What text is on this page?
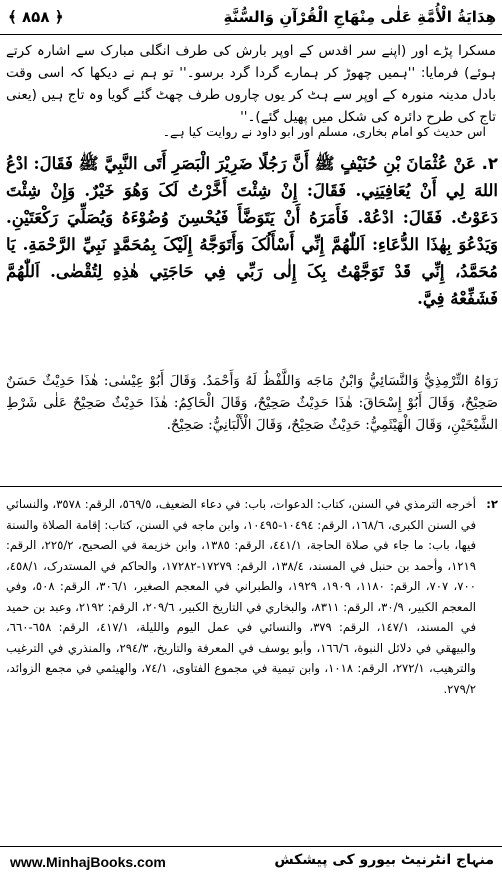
هِدَايَةُ الْأُمَّةِ عَلٰى مِنْهَاجِ الْقُرْآنِ وَالسُّنَّةِ
﴿ ۸۵۸ ﴾
مسکرا پڑے اور (اپنے سر اقدس کے اوپر بارش کی طرف انگلی مبارک سے اشارہ کرتے ہوئے) فرمایا: ''ہمیں چھوڑ کر ہمارے گردا گرد برسو۔'' تو ہم نے دیکھا کہ اسی وقت بادل مدینہ منورہ کے اوپر سے ہٹ کر یوں چاروں طرف چھٹ گئے گویا وہ تاج ہیں (یعنی تاج کی طرح دائرہ کی شکل میں پھیل گئے)۔''
اس حدیث کو امام بخاری، مسلم اور ابو داود نے روایت کیا ہے۔
٢. عَنْ عُثْمَانَ بْنِ حُنَيْفٍ ﷺ أَنَّ رَجُلًا ضَرِيْرَ الْبَصَرِ أَتَى النَّبِيَّ ﷺ فَقَالَ: ادْعُ اللهَ لِي أَنْ يُعَافِيَنِي. فَقَالَ: إِنْ شِئْتَ أَخَّرْتُ لَکَ وَهُوَ خَيْرٌ. وَإِنْ شِئْتَ دَعَوْتُ. فَقَالَ: ادْعُهْ. فَأَمَرَهُ أَنْ يَتَوَضَّأَ فَيُحْسِنَ وُضُوْءَهُ وَيُصَلِّيَ رَكْعَتَيْنِ. وَيَدْعُوَ بِهٰذَا الدُّعَاءِ: اَللّٰهُمَّ إِنِّي أَسْأَلُکَ وَأَتَوَجَّهُ إِلَيْکَ بِمُحَمَّدٍ نَبِيِّ الرَّحْمَةِ. يَا مُحَمَّدُ، إِنِّي قَدْ تَوَجَّهْتُ بِکَ إِلٰى رَبِّي فِي حَاجَتِي هٰذِهِ لِتُقْضٰى. اَللّٰهُمَّ فَشَفِّعْهُ فِيَّ.
رَوَاهُ التِّرْمِذِيُّ وَالنَّسَائِيُّ وَابْنُ مَاجَه وَاللَّفْظُ لَهُ وَأَحْمَدُ. وَقَالَ أَبُوْ عِيْسٰى: هٰذَا حَدِيْثٌ حَسَنٌ صَحِيْحٌ، وَقَالَ أَبُوْ إِسْحَاقَ: هٰذَا حَدِيْثٌ صَحِيْحٌ، وَقَالَ الْحَاکِمُ: هٰذَا حَدِيْثٌ صَحِيْحٌ عَلٰى شَرْطِ الشَّيْخَيْنِ، وَقَالَ الْهَيْثَمِيُّ: حَدِيْثٌ صَحِيْحٌ، وَقَالَ الْأَلْبَانِيُّ: صَحِيْحٌ.
٢:
أخرجه الترمذي في السنن، کتاب: الدعوات، باب: في دعاء الضعيف، ٥٦٩/٥، الرقم: ٣٥٧٨، والنسائي في السنن الکبرى، ١٦٨/٦، الرقم: ١٠٤٩٤-١٠٤٩٥، وابن ماجه في السنن، کتاب: إقامة الصلاة والسنة فيها، باب: ما جاء في صلاة الحاجة، ٤٤١/١، الرقم: ١٣٨٥، وابن خزيمة في الصحيح، ٢٢٥/٢، الرقم: ١٢١٩، وأحمد بن حنبل في المسند، ١٣٨/٤، الرقم: ١٧٢٧٩-١٧٢٨٢، والحاکم في المستدرک، ٤٥٨/١، ٧٠٠، ٧٠٧، الرقم: ١١٨٠، ١٩٠٩، ١٩٢٩، والطبراني في المعجم الصغير، ٣٠٦/١، الرقم: ٥٠٨، وفي المعجم الکبير، ٣٠/٩، الرقم: ٨٣١١، والبخاري في التاريخ الکبير، ٢٠٩/٦، الرقم: ٢١٩٢، وعبد بن حميد في المسند، ١٤٧/١، الرقم: ٣٧٩، والنسائي في عمل اليوم والليلة، ٤١٧/١، الرقم: ٦٥٨-٦٦٠، والبيهقي في دلائل النبوة، ١٦٦/٦، وأبو يوسف في المعرفة والتاريخ، ٢٩٤/٣، والمنذري في الترغيب والترهيب، ٢٧٢/١، الرقم: ١٠١٨، وابن تيمية في مجموع الفتاوى، ٧٤/١، والهيثمي في مجمع الزوائد، ٢٧٩/٢.
منہاج انٹرنیٹ بیورو کی پیشکش
www.MinhajBooks.com
